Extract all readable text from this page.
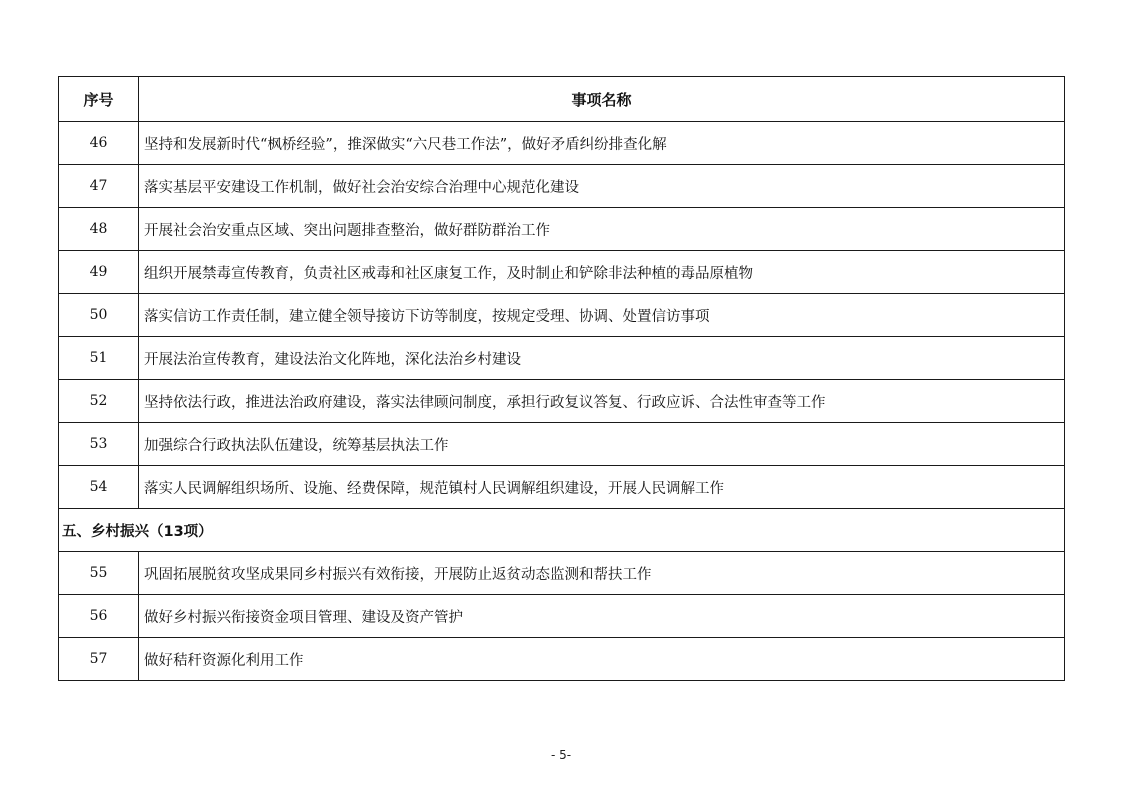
序号	事项名称
46	坚持和发展新时代“枫桥经验”，推深做实“六尺巷工作法”，做好矛盾纠纷排查化解
47	落实基层平安建设工作机制，做好社会治安综合治理中心规范化建设
48	开展社会治安重点区域、突出问题排查整治，做好群防群治工作
49	组织开展禁毒宣传教育，负责社区戒毒和社区康复工作，及时制止和铲除非法种植的毒品原植物
50	落实信访工作责任制，建立健全领导接访下访等制度，按规定受理、协调、处置信访事项
51	开展法治宣传教育，建设法治文化阵地，深化法治乡村建设
52	坚持依法行政，推进法治政府建设，落实法律顾问制度，承担行政复议答复、行政应诉、合法性审查等工作
53	加强综合行政执法队伍建设，统筹基层执法工作
54	落实人民调解组织场所、设施、经费保障，规范镇村人民调解组织建设，开展人民调解工作
五、乡村振兴（13项）	
55	巩固拓展脱贫攻坚成果同乡村振兴有效衔接，开展防止返贫动态监测和帮扶工作
56	做好乡村振兴衔接资金项目管理、建设及资产管护
57	做好秸秆资源化利用工作
- 5-
